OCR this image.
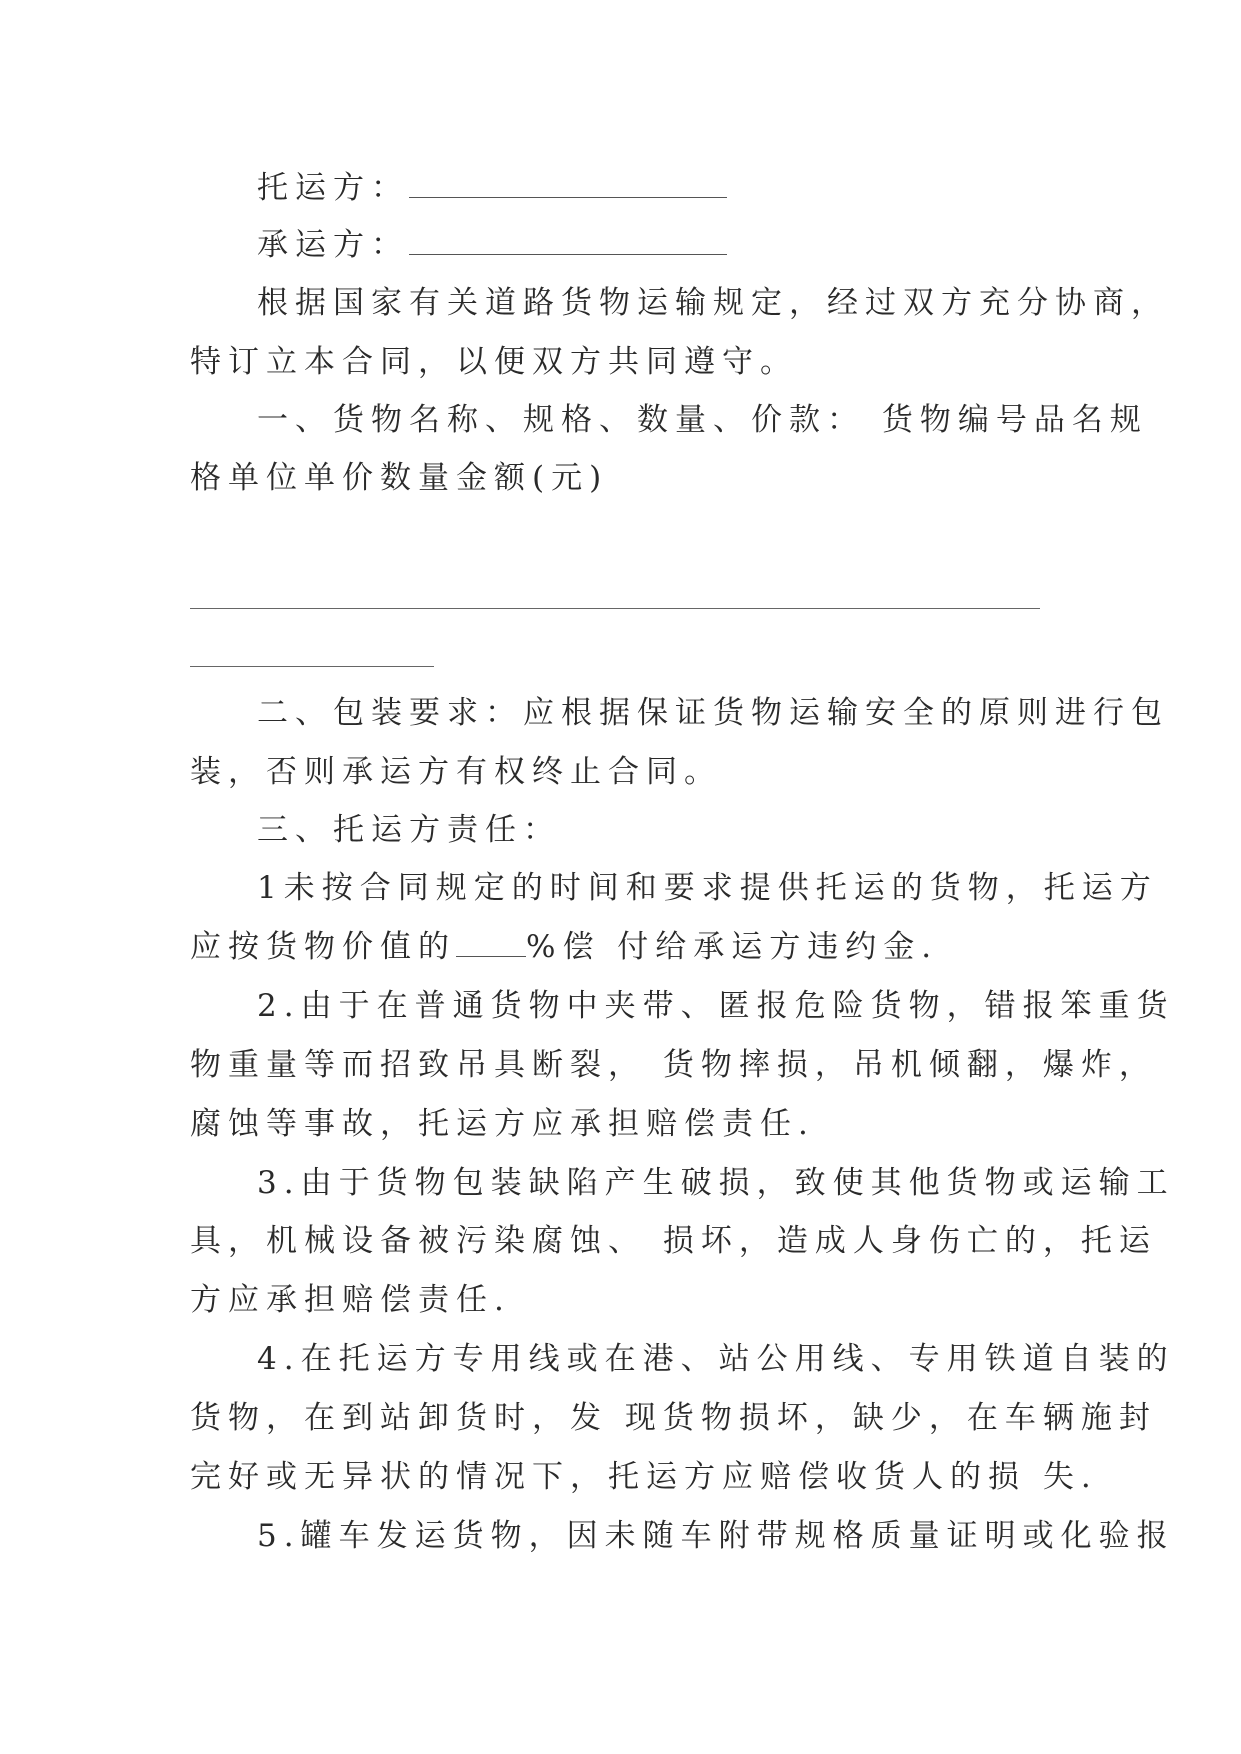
托运方：
承运方：
根据国家有关道路货物运输规定，经过双方充分协商，
特订立本合同，以便双方共同遵守。
一、货物名称、规格、数量、价款： 货物编号品名规
格单位单价数量金额(元)
二、包装要求：应根据保证货物运输安全的原则进行包
装，否则承运方有权终止合同。
三、托运方责任：
1未按合同规定的时间和要求提供托运的货物，托运方
应按货物价值的 %偿 付给承运方违约金.
2.由于在普通货物中夹带、匿报危险货物，错报笨重货
物重量等而招致吊具断裂， 货物摔损，吊机倾翻，爆炸，
腐蚀等事故，托运方应承担赔偿责任.
3.由于货物包装缺陷产生破损，致使其他货物或运输工
具，机械设备被污染腐蚀、 损坏，造成人身伤亡的，托运
方应承担赔偿责任.
4.在托运方专用线或在港、站公用线、专用铁道自装的
货物，在到站卸货时，发 现货物损坏，缺少，在车辆施封
完好或无异状的情况下，托运方应赔偿收货人的损 失.
5.罐车发运货物，因未随车附带规格质量证明或化验报
